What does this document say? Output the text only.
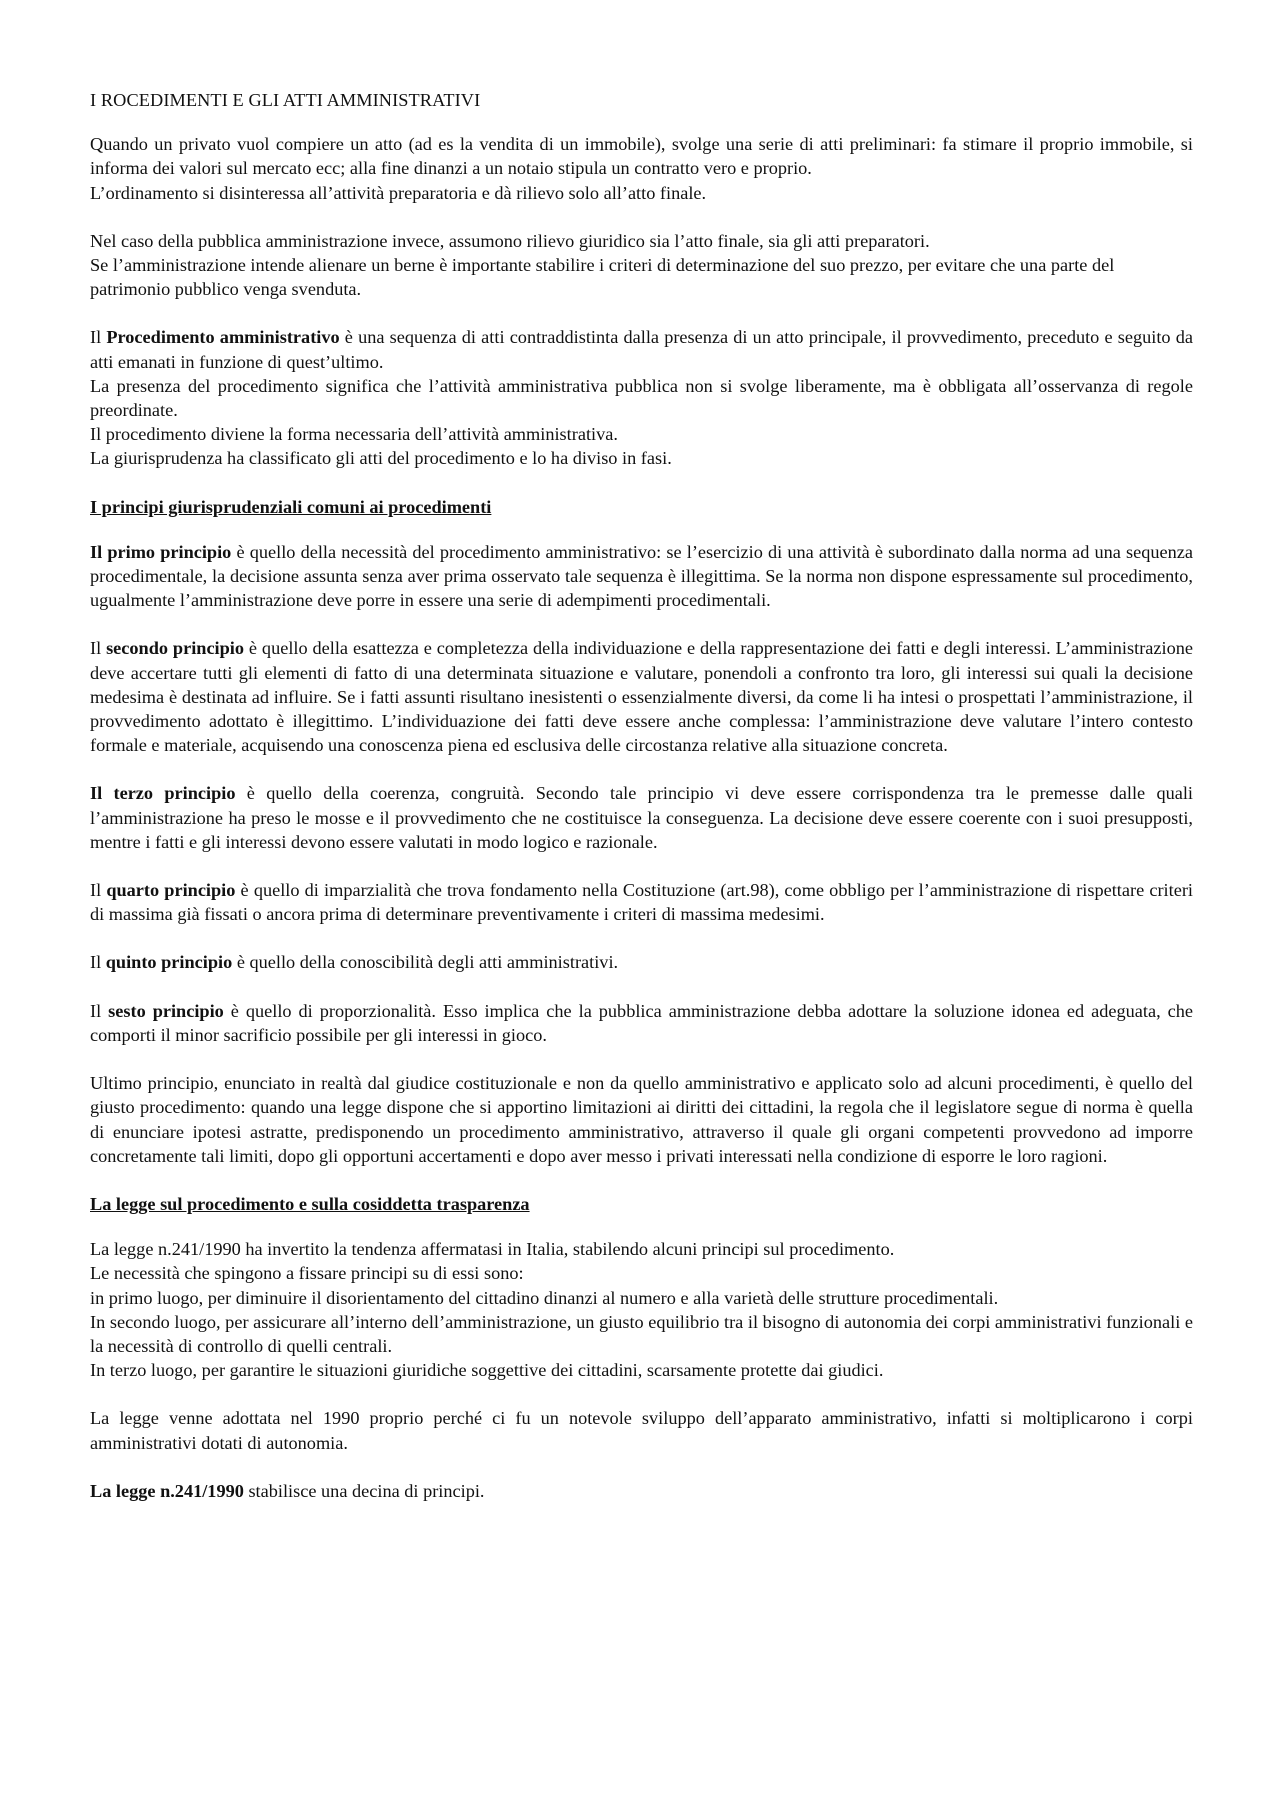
I ROCEDIMENTI E GLI ATTI AMMINISTRATIVI
Quando un privato vuol compiere un atto (ad es la vendita di un immobile), svolge una serie di atti preliminari: fa stimare il proprio immobile, si informa dei valori sul mercato ecc; alla fine dinanzi a un notaio stipula un contratto vero e proprio.
L’ordinamento si disinteressa all’attività preparatoria e dà rilievo solo all’atto finale.
Nel caso della pubblica amministrazione invece, assumono rilievo giuridico sia l’atto finale, sia gli atti preparatori.
Se l’amministrazione intende alienare un berne è importante stabilire i criteri di determinazione del suo prezzo, per evitare che una parte del patrimonio pubblico venga svenduta.
Il Procedimento amministrativo è una sequenza di atti contraddistinta dalla presenza di un atto principale, il provvedimento, preceduto e seguito da atti emanati in funzione di quest’ultimo.
La presenza del procedimento significa che l’attività amministrativa pubblica non si svolge liberamente, ma è obbligata all’osservanza di regole preordinate.
Il procedimento diviene la forma necessaria dell’attività amministrativa.
La giurisprudenza ha classificato gli atti del procedimento e lo ha diviso in fasi.
I principi giurisprudenziali comuni ai procedimenti
Il primo principio è quello della necessità del procedimento amministrativo: se l’esercizio di una attività è subordinato dalla norma ad una sequenza procedimentale, la decisione assunta senza aver prima osservato tale sequenza è illegittima. Se la norma non dispone espressamente sul procedimento, ugualmente l’amministrazione deve porre in essere una serie di adempimenti procedimentali.
Il secondo principio è quello della esattezza e completezza della individuazione e della rappresentazione dei fatti e degli interessi. L’amministrazione deve accertare tutti gli elementi di fatto di una determinata situazione e valutare, ponendoli a confronto tra loro, gli interessi sui quali la decisione medesima è destinata ad influire. Se i fatti assunti risultano inesistenti o essenzialmente diversi, da come li ha intesi o prospettati l’amministrazione, il provvedimento adottato è illegittimo. L’individuazione dei fatti deve essere anche complessa: l’amministrazione deve valutare l’intero contesto formale e materiale, acquisendo una conoscenza piena ed esclusiva delle circostanza relative alla situazione concreta.
Il terzo principio è quello della coerenza, congruità. Secondo tale principio vi deve essere corrispondenza tra le premesse dalle quali l’amministrazione ha preso le mosse e il provvedimento che ne costituisce la conseguenza. La decisione deve essere coerente con i suoi presupposti, mentre i fatti e gli interessi devono essere valutati in modo logico e razionale.
Il quarto principio è quello di imparzialità che trova fondamento nella Costituzione (art.98), come obbligo per l’amministrazione di rispettare criteri di massima già fissati o ancora prima di determinare preventivamente i criteri di massima medesimi.
Il quinto principio è quello della conoscibilità degli atti amministrativi.
Il sesto principio è quello di proporzionalità. Esso implica che la pubblica amministrazione debba adottare la soluzione idonea ed adeguata, che comporti il minor sacrificio possibile per gli interessi in gioco.
Ultimo principio, enunciato in realtà dal giudice costituzionale e non da quello amministrativo e applicato solo ad alcuni procedimenti, è quello del giusto procedimento: quando una legge dispone che si apportino limitazioni ai diritti dei cittadini, la regola che il legislatore segue di norma è quella di enunciare ipotesi astratte, predisponendo un procedimento amministrativo, attraverso il quale gli organi competenti provvedono ad imporre concretamente tali limiti, dopo gli opportuni accertamenti e dopo aver messo i privati interessati nella condizione di esporre le loro ragioni.
La legge sul procedimento e sulla cosiddetta trasparenza
La legge n.241/1990 ha invertito la tendenza affermatasi in Italia, stabilendo alcuni principi sul procedimento.
Le necessità che spingono a fissare principi su di essi sono:
in primo luogo, per diminuire il disorientamento del cittadino dinanzi al numero e alla varietà delle strutture procedimentali.
In secondo luogo, per assicurare all’interno dell’amministrazione, un giusto equilibrio tra il bisogno di autonomia dei corpi amministrativi funzionali e la necessità di controllo di quelli centrali.
In terzo luogo, per garantire le situazioni giuridiche soggettive dei cittadini, scarsamente protette dai giudici.
La legge venne adottata nel 1990 proprio perché ci fu un notevole sviluppo dell’apparato amministrativo, infatti si moltiplicarono i corpi amministrativi dotati di autonomia.
La legge n.241/1990 stabilisce una decina di principi.
